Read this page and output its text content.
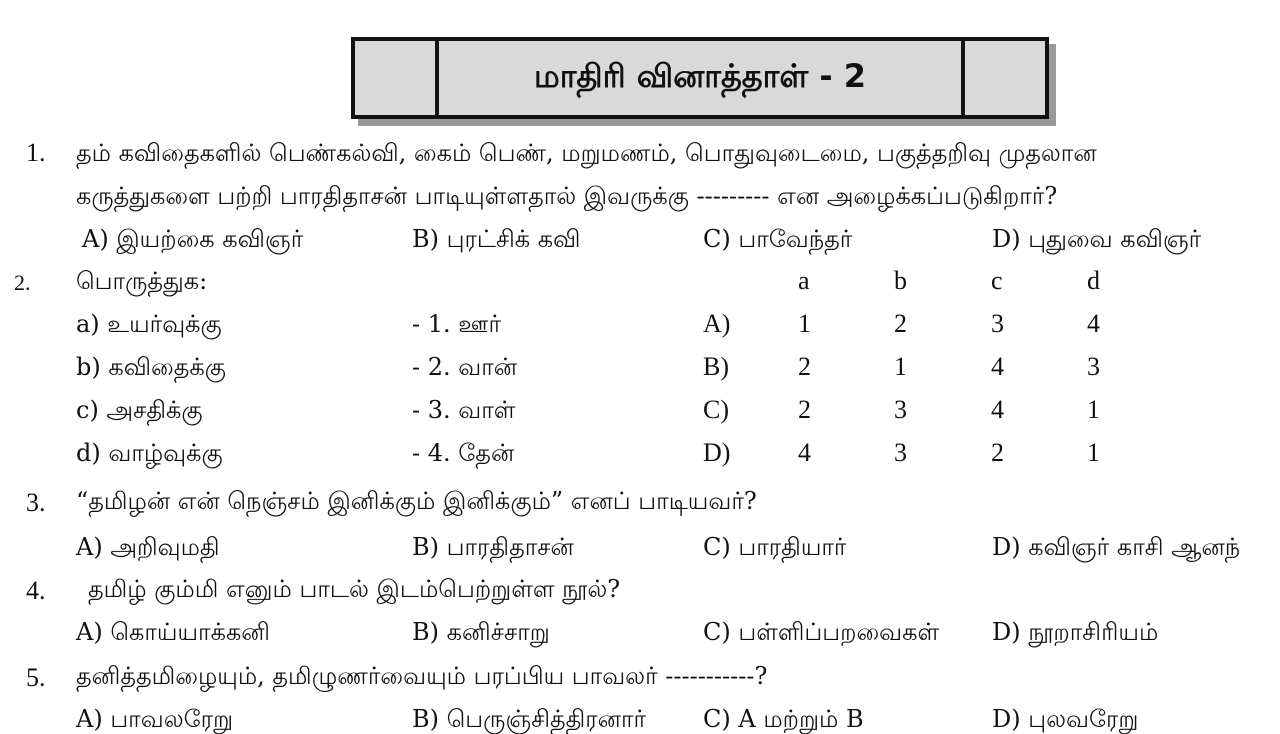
மாதிரி வினாத்தாள் - 2
1. தம் கவிதைகளில் பெண்கல்வி, கைம் பெண், மறுமணம், பொதுவுடைமை, பகுத்தறிவு முதலான
கருத்துகளை பற்றி பாரதிதாசன் பாடியுள்ளதால் இவருக்கு --------- என அழைக்கப்படுகிறார்?
A) இயற்கை கவிஞர்	B) புரட்சிக் கவி	C) பாவேந்தர்	D) புதுவை கவிஞர்
2. பொருத்துக:	a	b	c	d
a) உயர்வுக்கு	- 1. ஊர்	A)	1	2	3	4
b) கவிதைக்கு	- 2. வான்	B)	2	1	4	3
c) அசதிக்கு	- 3. வாள்	C)	2	3	4	1
d) வாழ்வுக்கு	- 4. தேன்	D)	4	3	2	1
3. “தமிழன் என் நெஞ்சம் இனிக்கும் இனிக்கும்” எனப் பாடியவர்?
A) அறிவுமதி	B) பாரதிதாசன்	C) பாரதியார்	D) கவிஞர் காசி ஆனந்
4. தமிழ் கும்மி எனும் பாடல் இடம்பெற்றுள்ள நூல்?
A) கொய்யாக்கனி	B) கனிச்சாறு	C) பள்ளிப்பறவைகள் D) நூறாசிரியம்
5. தனித்தமிழையும், தமிழுணர்வையும் பரப்பிய பாவலர் -----------?
A) பாவலரேறு	B) பெருஞ்சித்திரனார் C) A மற்றும் B	D) புலவரேறு
